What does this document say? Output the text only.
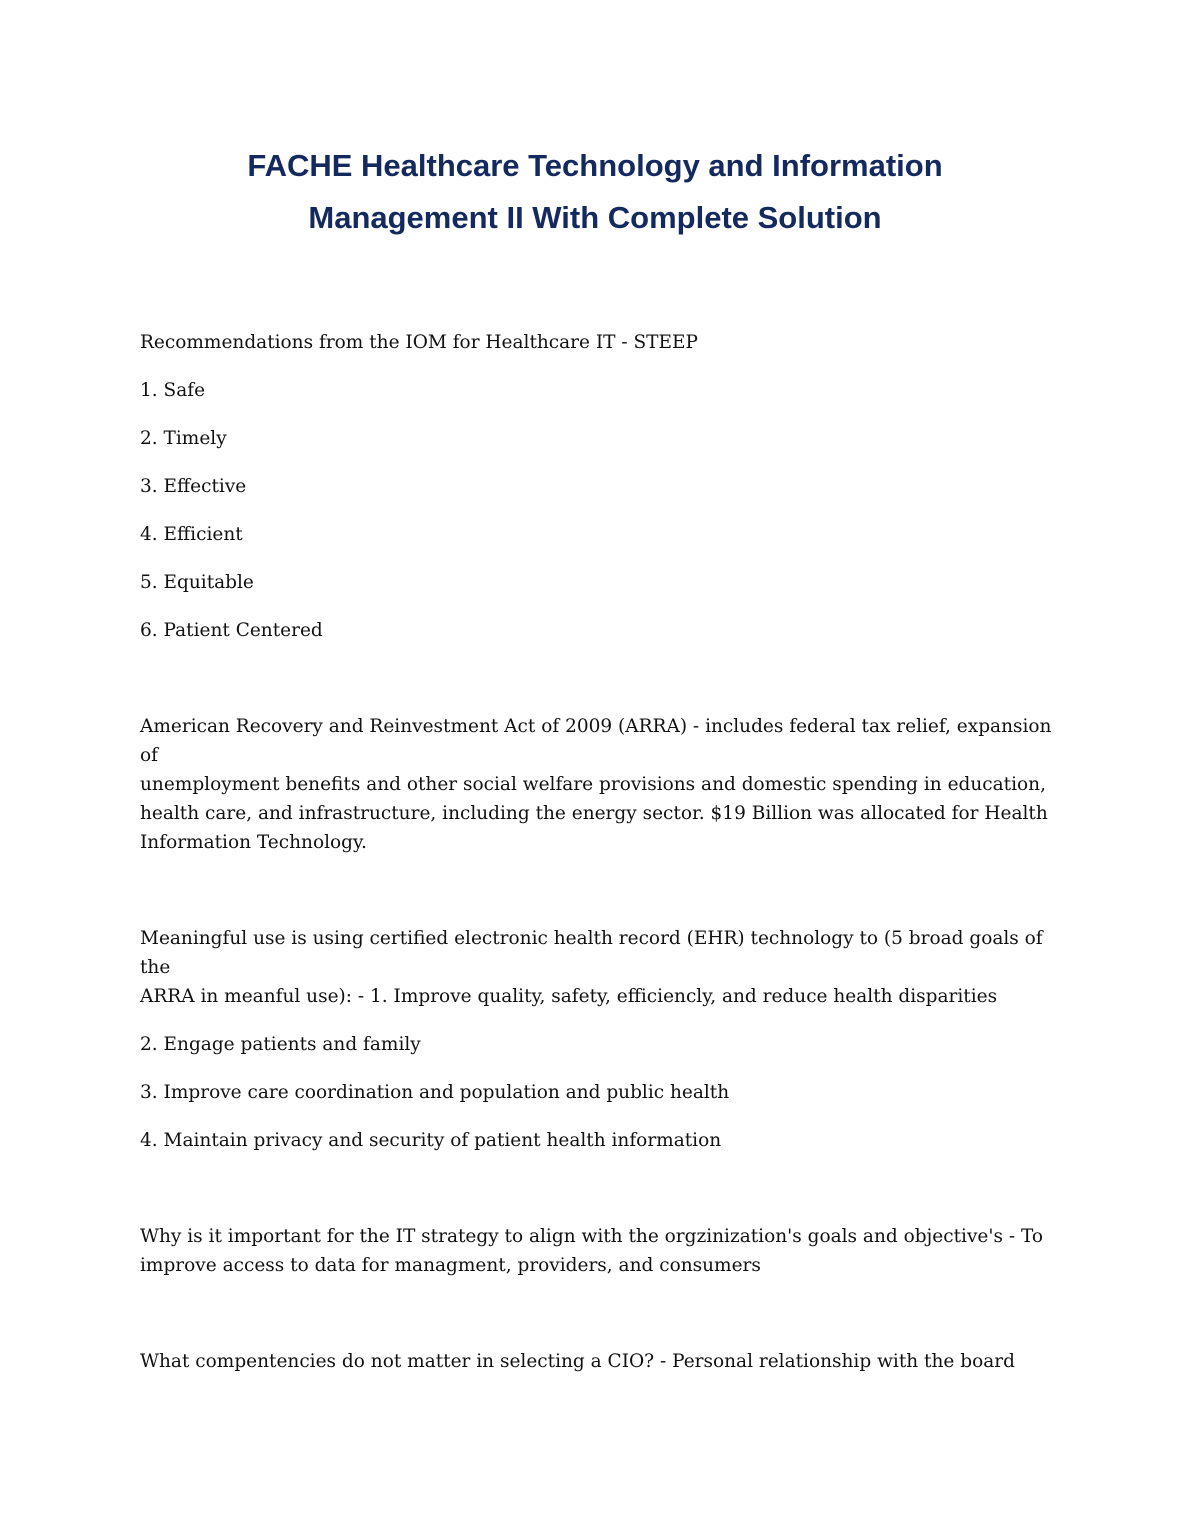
FACHE Healthcare Technology and Information
Management II With Complete Solution

Recommendations from the IOM for Healthcare IT - STEEP

1. Safe

2. Timely

3. Effective

4. Efficient

5. Equitable

6. Patient Centered

American Recovery and Reinvestment Act of 2009 (ARRA) - includes federal tax relief, expansion of

unemployment benefits and other social welfare provisions and domestic spending in education,

health care, and infrastructure, including the energy sector. $19 Billion was allocated for Health

Information Technology.

Meaningful use is using certified electronic health record (EHR) technology to (5 broad goals of the

ARRA in meanful use): - 1. Improve quality, safety, efficiencly, and reduce health disparities

2. Engage patients and family

3. Improve care coordination and population and public health

4. Maintain privacy and security of patient health information

Why is it important for the IT strategy to align with the orgzinization's goals and objective's - To

improve access to data for managment, providers, and consumers

What compentencies do not matter in selecting a CIO? - Personal relationship with the board
